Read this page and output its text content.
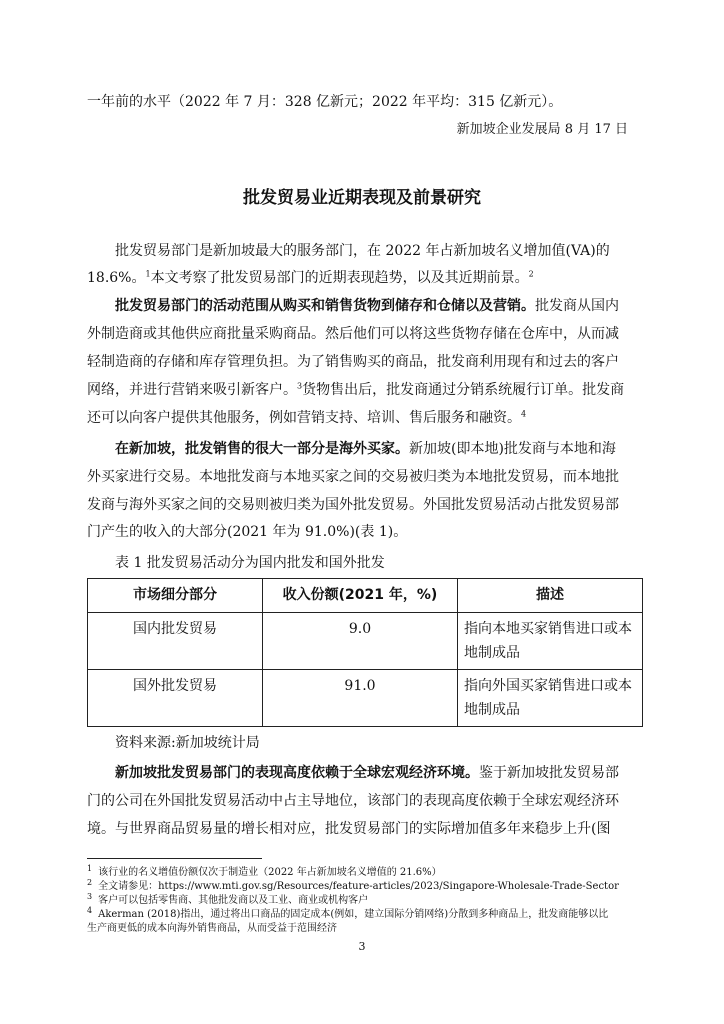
一年前的水平（2022 年 7 月：328 亿新元；2022 年平均：315 亿新元）。
新加坡企业发展局 8 月 17 日
批发贸易业近期表现及前景研究
批发贸易部门是新加坡最大的服务部门，在 2022 年占新加坡名义增加值(VA)的
18.6%。$^1$本文考察了批发贸易部门的近期表现趋势，以及其近期前景。$^2$
批发贸易部门的活动范围从购买和销售货物到储存和仓储以及营销。批发商从国内
外制造商或其他供应商批量采购商品。然后他们可以将这些货物存储在仓库中，从而减
轻制造商的存储和库存管理负担。为了销售购买的商品，批发商利用现有和过去的客户
网络，并进行营销来吸引新客户。$^3$货物售出后，批发商通过分销系统履行订单。批发商
还可以向客户提供其他服务，例如营销支持、培训、售后服务和融资。$^4$
在新加坡，批发销售的很大一部分是海外买家。新加坡(即本地)批发商与本地和海
外买家进行交易。本地批发商与本地买家之间的交易被归类为本地批发贸易，而本地批
发商与海外买家之间的交易则被归类为国外批发贸易。外国批发贸易活动占批发贸易部
门产生的收入的大部分(2021 年为 91.0%)(表 1)。
表 1 批发贸易活动分为国内批发和国外批发
市场细分部分	收入份额(2021 年，%)	描述
国内批发贸易	9.0	指向本地买家销售进口或本地制成品
国外批发贸易	91.0	指向外国买家销售进口或本地制成品
资料来源:新加坡统计局
新加坡批发贸易部门的表现高度依赖于全球宏观经济环境。鉴于新加坡批发贸易部
门的公司在外国批发贸易活动中占主导地位，该部门的表现高度依赖于全球宏观经济环
境。与世界商品贸易量的增长相对应，批发贸易部门的实际增加值多年来稳步上升(图
$^1$ 该行业的名义增值份额仅次于制造业（2022 年占新加坡名义增值的 21.6%）
$^2$ 全文请参见：https://www.mti.gov.sg/Resources/feature-articles/2023/Singapore-Wholesale-Trade-Sector
$^3$ 客户可以包括零售商、其他批发商以及工业、商业或机构客户
$^4$ Akerman (2018)指出，通过将出口商品的固定成本(例如，建立国际分销网络)分散到多种商品上，批发商能够以比
生产商更低的成本向海外销售商品，从而受益于范围经济
3
